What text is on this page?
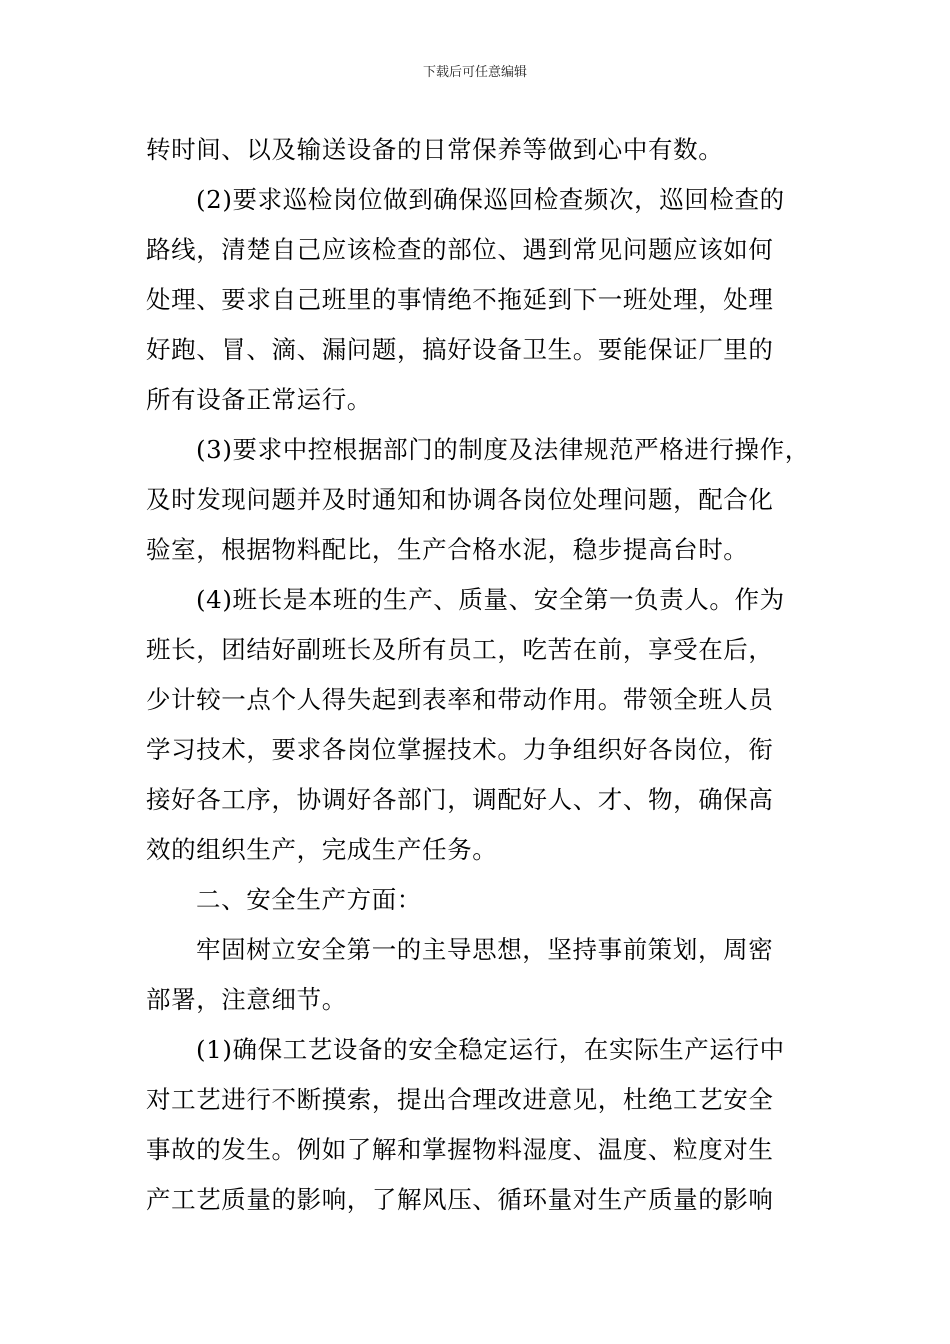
下载后可任意编辑

转时间、以及输送设备的日常保养等做到心中有数。

(2)要求巡检岗位做到确保巡回检查频次，巡回检查的

路线，清楚自己应该检查的部位、遇到常见问题应该如何

处理、要求自己班里的事情绝不拖延到下一班处理，处理

好跑、冒、滴、漏问题，搞好设备卫生。要能保证厂里的

所有设备正常运行。

(3)要求中控根据部门的制度及法律规范严格进行操作，

及时发现问题并及时通知和协调各岗位处理问题，配合化

验室，根据物料配比，生产合格水泥，稳步提高台时。

(4)班长是本班的生产、质量、安全第一负责人。作为

班长，团结好副班长及所有员工，吃苦在前，享受在后，

少计较一点个人得失起到表率和带动作用。带领全班人员

学习技术，要求各岗位掌握技术。力争组织好各岗位，衔

接好各工序，协调好各部门，调配好人、才、物，确保高

效的组织生产，完成生产任务。

二、安全生产方面：

牢固树立安全第一的主导思想，坚持事前策划，周密

部署，注意细节。

(1)确保工艺设备的安全稳定运行，在实际生产运行中

对工艺进行不断摸索，提出合理改进意见，杜绝工艺安全

事故的发生。例如了解和掌握物料湿度、温度、粒度对生

产工艺质量的影响，了解风压、循环量对生产质量的影响
